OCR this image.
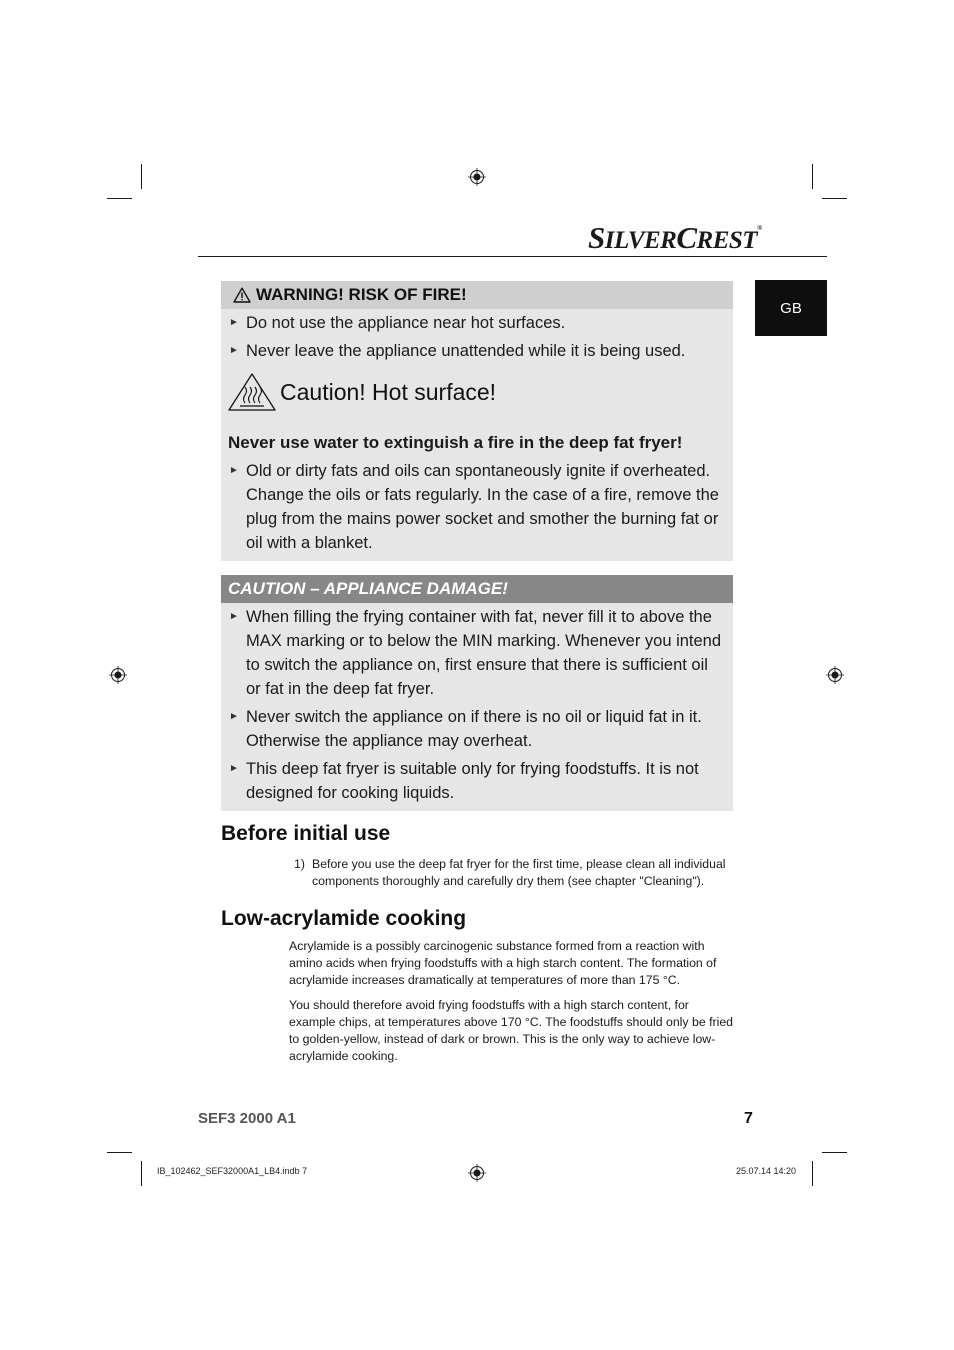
SILVERCREST®
GB
WARNING! RISK OF FIRE!
► Do not use the appliance near hot surfaces.
► Never leave the appliance unattended while it is being used.
Caution! Hot surface!
Never use water to extinguish a fire in the deep fat fryer!
► Old or dirty fats and oils can spontaneously ignite if overheated. Change the oils or fats regularly. In the case of a fire, remove the plug from the mains power socket and smother the burning fat or oil with a blanket.
CAUTION – APPLIANCE DAMAGE!
► When filling the frying container with fat, never fill it to above the MAX marking or to below the MIN marking. Whenever you intend to switch the appliance on, first ensure that there is sufficient oil or fat in the deep fat fryer.
► Never switch the appliance on if there is no oil or liquid fat in it. Otherwise the appliance may overheat.
► This deep fat fryer is suitable only for frying foodstuffs. It is not designed for cooking liquids.
Before initial use
1) Before you use the deep fat fryer for the first time, please clean all individual components thoroughly and carefully dry them (see chapter "Cleaning").
Low-acrylamide cooking
Acrylamide is a possibly carcinogenic substance formed from a reaction with amino acids when frying foodstuffs with a high starch content. The formation of acrylamide increases dramatically at temperatures of more than 175 °C.
You should therefore avoid frying foodstuffs with a high starch content, for example chips, at temperatures above 170 °C. The foodstuffs should only be fried to golden-yellow, instead of dark or brown. This is the only way to achieve low-acrylamide cooking.
SEF3 2000 A1	7
IB_102462_SEF32000A1_LB4.indb 7	25.07.14 14:20
